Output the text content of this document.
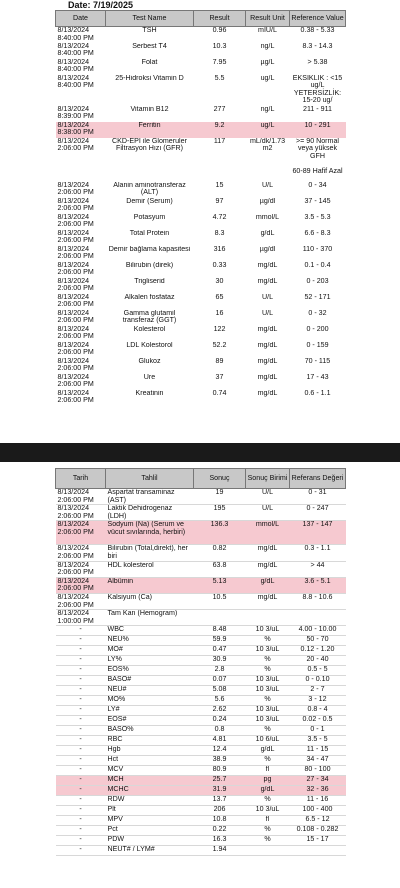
Date: 7/19/2025
Date	Test Name	Result	Result Unit	Reference Value
8/13/2024 8:40:00 PM	TSH	0.96	mIU/L	0.38 - 5.33
8/13/2024 8:40:00 PM	Serbest T4	10.3	ng/L	8.3 - 14.3
8/13/2024 8:40:00 PM	Folat	7.95	µg/L	> 5.38
8/13/2024 8:40:00 PM	25-Hidroksi Vitamin D	5.5	ug/L	EKSİKLİK : <15 ug/L YETERSİZLİK: 15-20 ug/
8/13/2024 8:39:00 PM	Vitamin B12	277	ng/L	211 - 911
8/13/2024 8:38:00 PM	Ferritin	9.2	ug/L	10 - 291
8/13/2024 2:06:00 PM	CKD-EPI ile Glomeruler Filtrasyon Hızı (GFR)	117	mL/dk/1.73 m2	>= 90 Normal veya yüksek GFH

60-89 Hafif Azal
8/13/2024 2:06:00 PM	Alanin aminotransferaz (ALT)	15	U/L	0 - 34
8/13/2024 2:06:00 PM	Demir (Serum)	97	µg/dl	37 - 145
8/13/2024 2:06:00 PM	Potasyum	4.72	mmol/L	3.5 - 5.3
8/13/2024 2:06:00 PM	Total Protein	8.3	g/dL	6.6 - 8.3
8/13/2024 2:06:00 PM	Demir bağlama kapasitesi	316	µg/dl	110 - 370
8/13/2024 2:06:00 PM	Bilirubin (direk)	0.33	mg/dL	0.1 - 0.4
8/13/2024 2:06:00 PM	Trigliserid	30	mg/dL	0 - 203
8/13/2024 2:06:00 PM	Alkalen fosfataz	65	U/L	52 - 171
8/13/2024 2:06:00 PM	Gamma glutamil transferaz (GGT)	16	U/L	0 - 32
8/13/2024 2:06:00 PM	Kolesterol	122	mg/dL	0 - 200
8/13/2024 2:06:00 PM	LDL Kolestorol	52.2	mg/dL	0 - 159
8/13/2024 2:06:00 PM	Glukoz	89	mg/dL	70 - 115
8/13/2024 2:06:00 PM	Üre	37	mg/dL	17 - 43
8/13/2024 2:06:00 PM	Kreatinin	0.74	mg/dL	0.6 - 1.1
Tarih	Tahlil	Sonuç	Sonuç Birimi	Referans Değeri
8/13/2024 2:06:00 PM	Aspartat transaminaz (AST)	19	U/L	0 - 31
8/13/2024 2:06:00 PM	Laktik Dehidrogenaz (LDH)	195	U/L	0 - 247
8/13/2024 2:06:00 PM	Sodyum (Na) (Serum ve vücut sıvılarında, herbiri)	136.3	mmol/L	137 - 147
8/13/2024 2:06:00 PM	Bilirubin (Total,direkt), her biri	0.82	mg/dL	0.3 - 1.1
8/13/2024 2:06:00 PM	HDL kolesterol	63.8	mg/dL	> 44
8/13/2024 2:06:00 PM	Albümin	5.13	g/dL	3.6 - 5.1
8/13/2024 2:06:00 PM	Kalsiyum (Ca)	10.5	mg/dL	8.8 - 10.6
8/13/2024 1:00:00 PM	Tam Kan (Hemogram)			
-	WBC	8.48	10 3/uL	4.00 - 10.00
-	NEU%	59.9	%	50 - 70
-	MO#	0.47	10 3/uL	0.12 - 1.20
-	LY%	30.9	%	20 - 40
-	EOS%	2.8	%	0.5 - 5
-	BASO#	0.07	10 3/uL	0 - 0.10
-	NEU#	5.08	10 3/uL	2 - 7
-	MO%	5.6	%	3 - 12
-	LY#	2.62	10 3/uL	0.8 - 4
-	EOS#	0.24	10 3/uL	0.02 - 0.5
-	BASO%	0.8	%	0 - 1
-	RBC	4.81	10 6/uL	3.5 - 5
-	Hgb	12.4	g/dL	11 - 15
-	Hct	38.9	%	34 - 47
-	MCV	80.9	fl	80 - 100
-	MCH	25.7	pg	27 - 34
-	MCHC	31.9	g/dL	32 - 36
-	RDW	13.7	%	11 - 16
-	Plt	206	10 3/uL	100 - 400
-	MPV	10.8	fl	6.5 - 12
-	Pct	0.22	%	0.108 - 0.282
-	PDW	16.3	%	15 - 17
-	NEUT# / LYM#	1.94		
